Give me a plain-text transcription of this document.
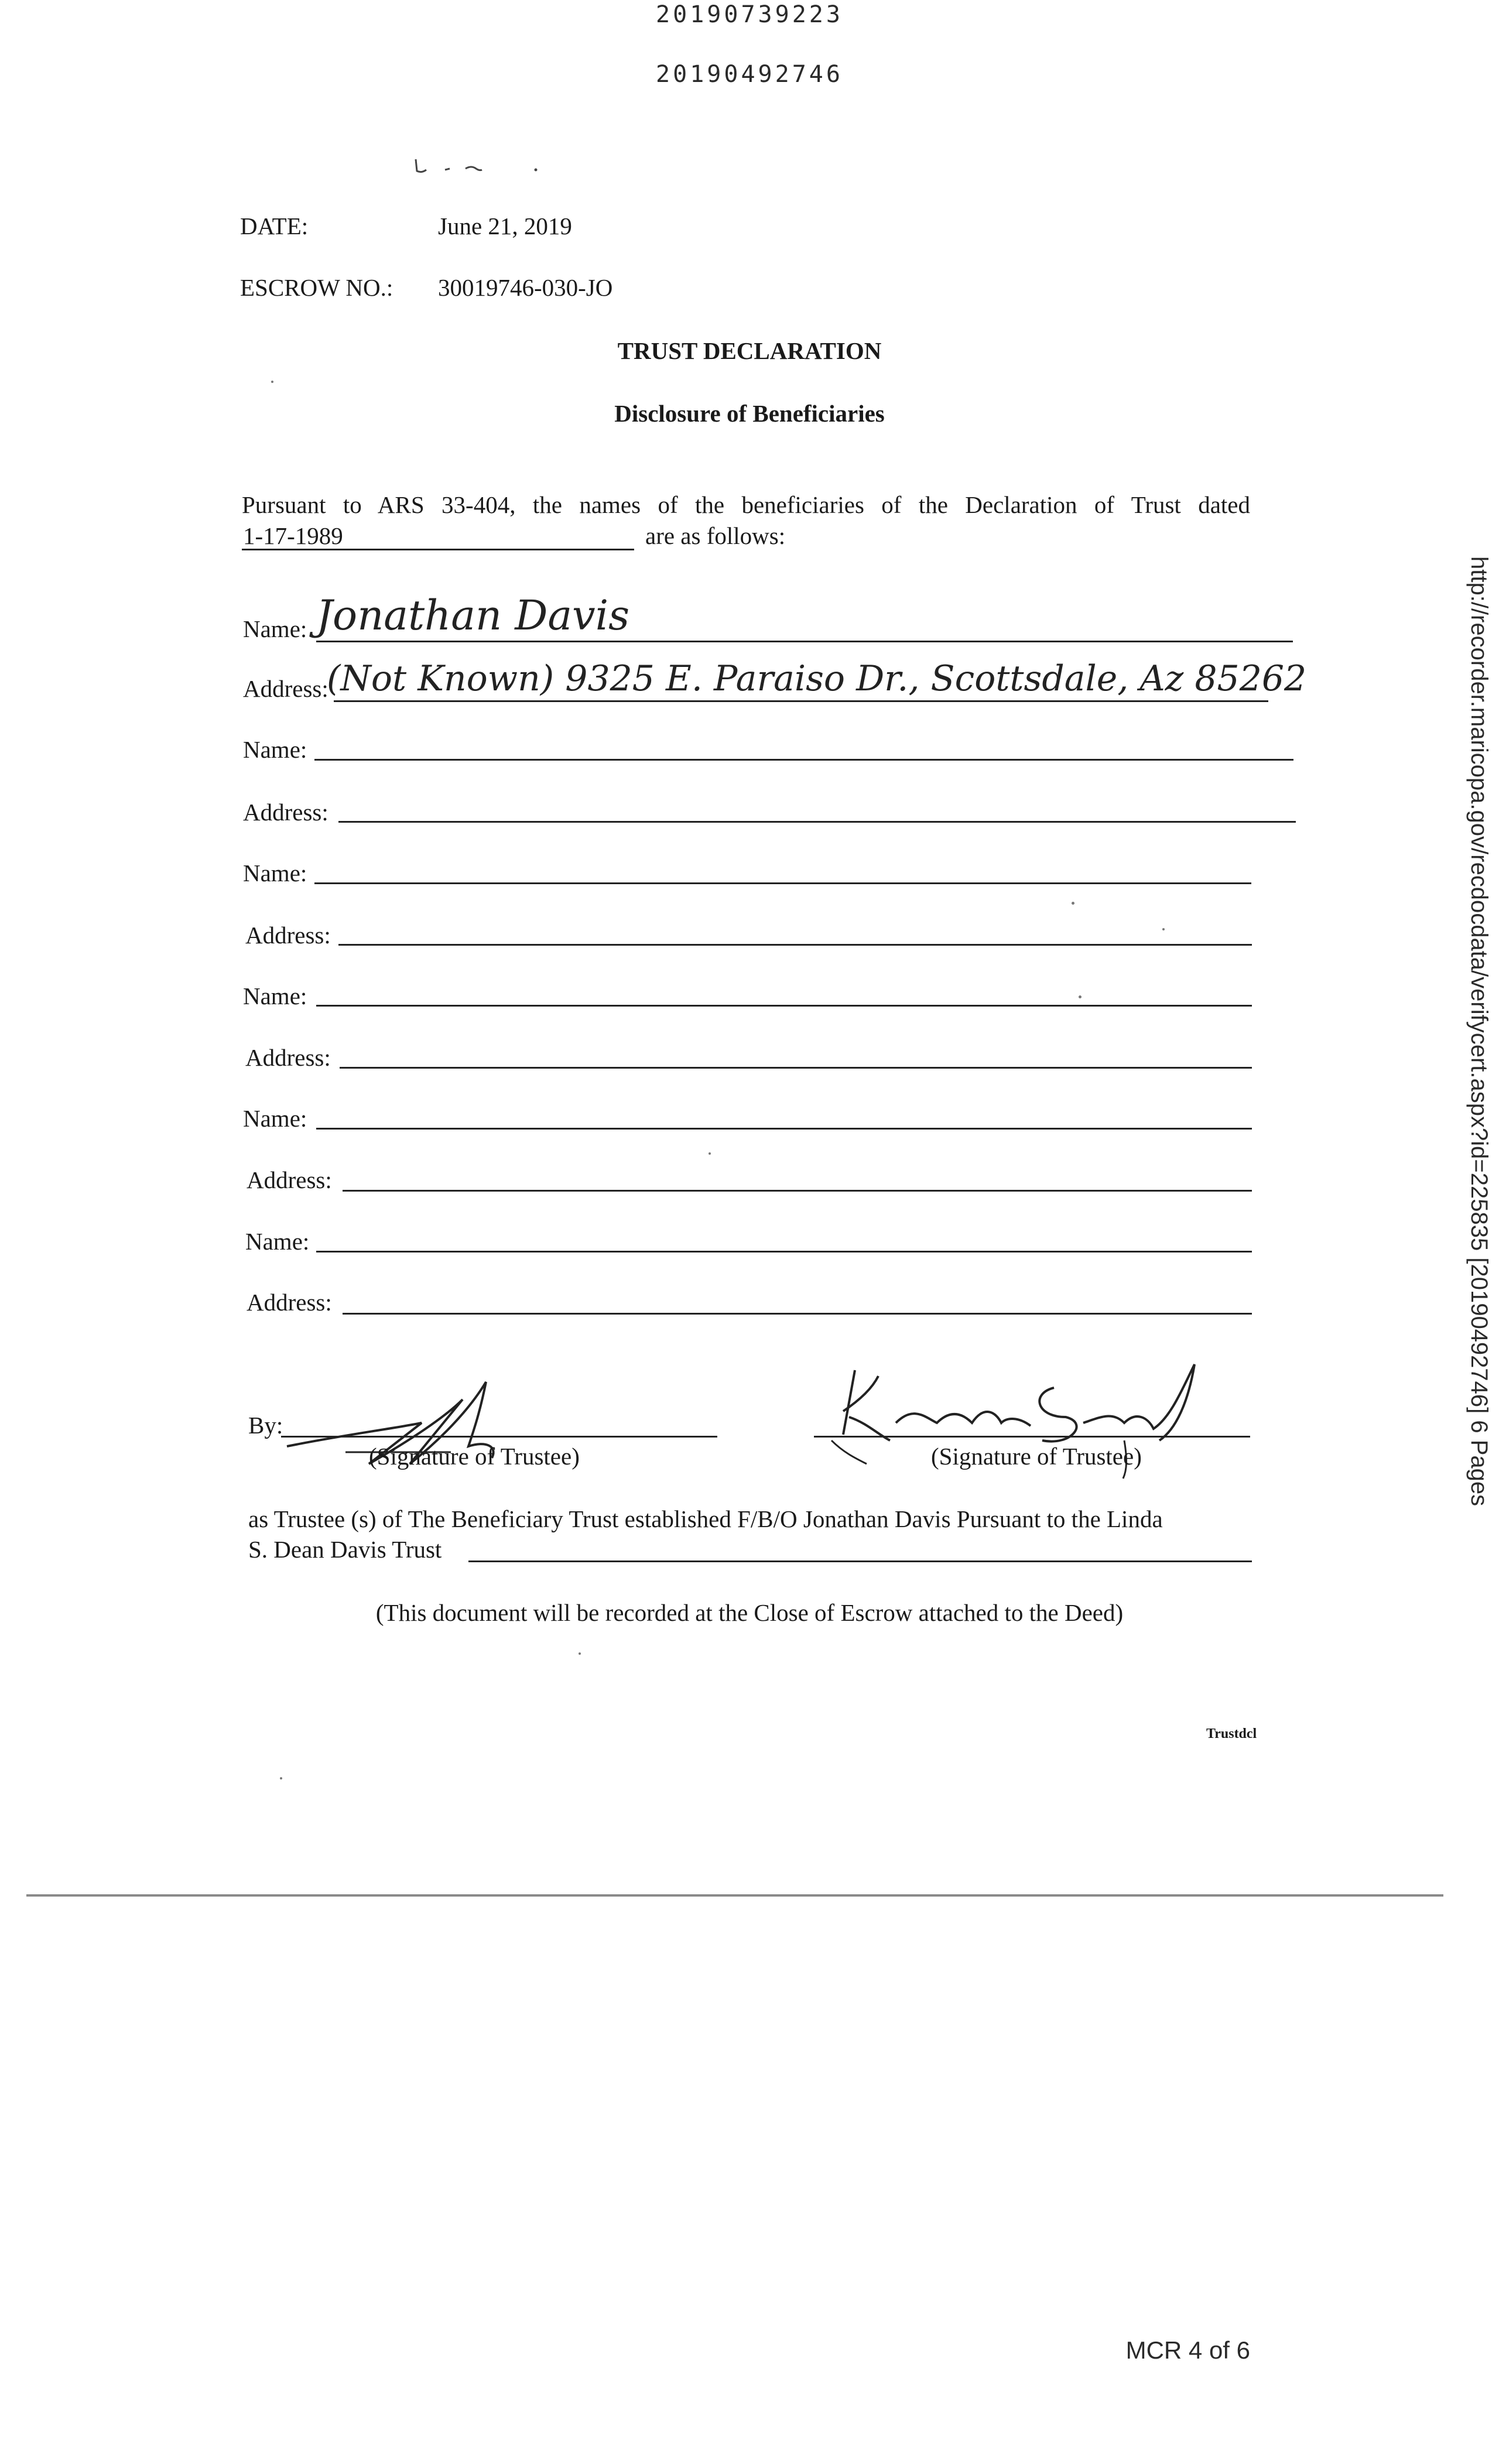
20190739223
20190492746
DATE:	June 21, 2019
ESCROW NO.: 30019746-030-JO
TRUST DECLARATION
Disclosure of Beneficiaries
Pursuant to ARS 33-404, the names of the beneficiaries of the Declaration of Trust dated
1-17-1989	are as follows:
Name: Jonathan Davis
Address:
(Not Known) 9325 E. Paraiso Dr., Scottsdale, Az 85262
Name:
Address:
Name:
Address:
Name:
Address:
Name:
Address:
Name:
Address:
By:
(Signature of Trustee)	(Signature of Trustee)
as Trustee (s) of The Beneficiary Trust established F/B/O Jonathan Davis Pursuant to the Linda
S. Dean Davis Trust
(This document will be recorded at the Close of Escrow attached to the Deed)
Trustdcl
http://recorder.maricopa.gov/recdocdata/verifycert.aspx?id=225835 [20190492746] 6 Pages
MCR 4 of 6
